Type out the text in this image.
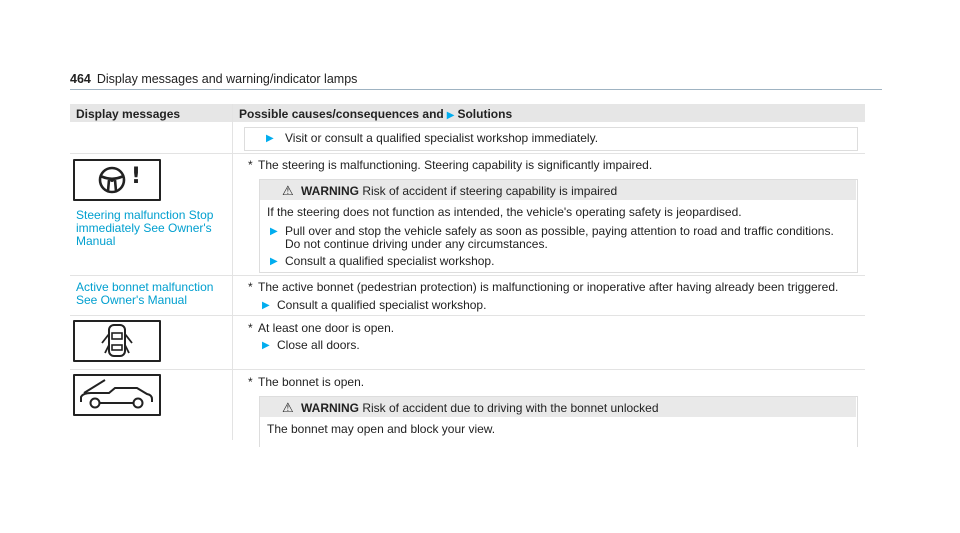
464 Display messages and warning/indicator lamps
Display messages	Possible causes/consequences and ▶ Solutions
▶ Visit or consult a qualified specialist workshop immediately.
!
Steering malfunction Stop
immediately See Owner's
Manual
* The steering is malfunctioning. Steering capability is significantly impaired.
⚠ WARNING Risk of accident if steering capability is impaired
If the steering does not function as intended, the vehicle's operating safety is jeopardised.
▶ Pull over and stop the vehicle safely as soon as possible, paying attention to road and traffic conditions.
Do not continue driving under any circumstances.
▶ Consult a qualified specialist workshop.
Active bonnet malfunction
See Owner's Manual
* The active bonnet (pedestrian protection) is malfunctioning or inoperative after having already been triggered.
▶ Consult a qualified specialist workshop.
* At least one door is open.
▶ Close all doors.
* The bonnet is open.
⚠ WARNING Risk of accident due to driving with the bonnet unlocked
The bonnet may open and block your view.
